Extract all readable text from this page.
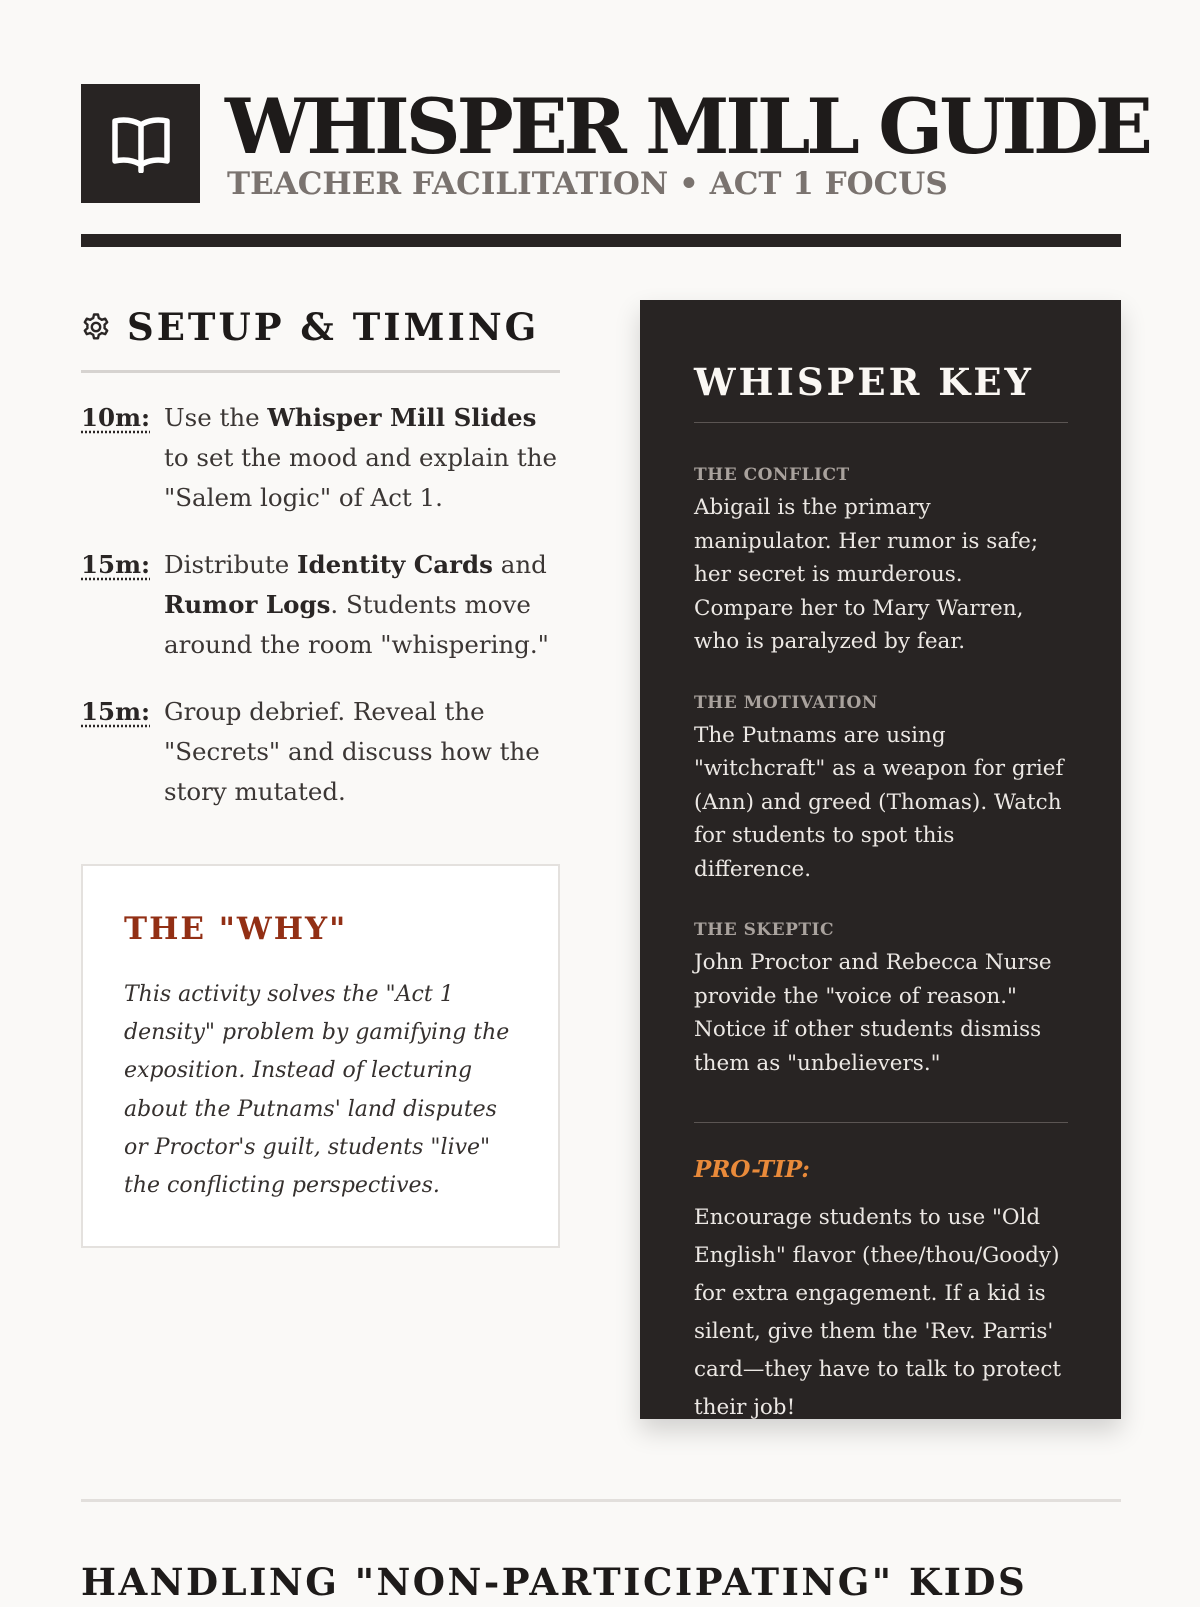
WHISPER MILL GUIDE
TEACHER FACILITATION • ACT 1 FOCUS
SETUP & TIMING
10m: Use the Whisper Mill Slides to set the mood and explain the "Salem logic" of Act 1.
15m: Distribute Identity Cards and Rumor Logs. Students move around the room "whispering."
15m: Group debrief. Reveal the "Secrets" and discuss how the story mutated.
THE "WHY"

This activity solves the "Act 1 density" problem by gamifying the exposition. Instead of lecturing about the Putnams' land disputes or Proctor's guilt, students "live" the conflicting perspectives.

WHISPER KEY
THE CONFLICT
Abigail is the primary manipulator. Her rumor is safe; her secret is murderous. Compare her to Mary Warren, who is paralyzed by fear.
THE MOTIVATION
The Putnams are using "witchcraft" as a weapon for grief (Ann) and greed (Thomas). Watch for students to spot this difference.
THE SKEPTIC
John Proctor and Rebecca Nurse provide the "voice of reason." Notice if other students dismiss them as "unbelievers."
PRO-TIP:
Encourage students to use "Old English" flavor (thee/thou/Goody) for extra engagement. If a kid is silent, give them the 'Rev. Parris' card—they have to talk to protect their job!
HANDLING "NON-PARTICIPATING" KIDS
